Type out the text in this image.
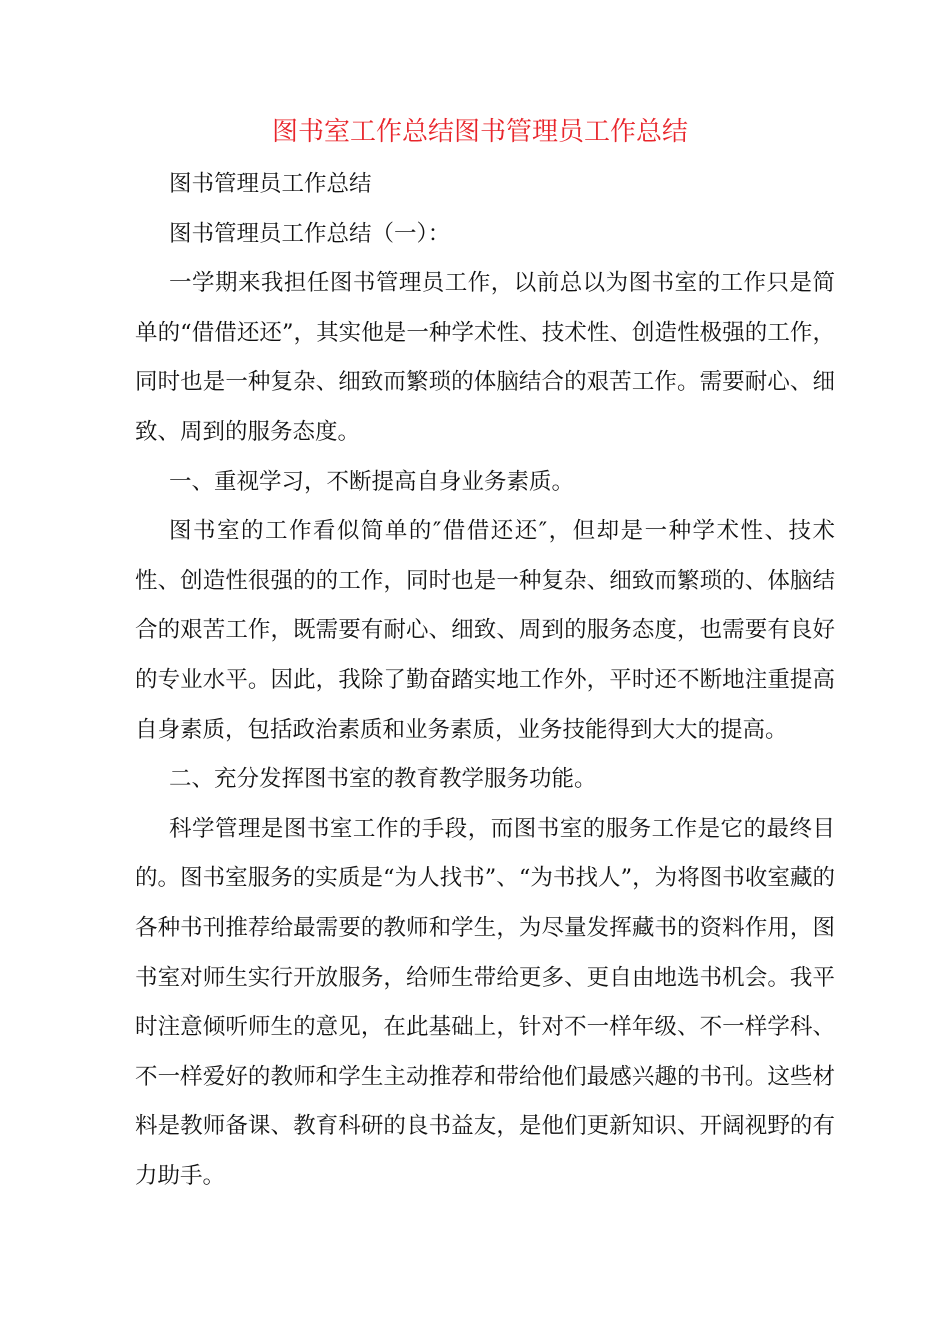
图书室工作总结图书管理员工作总结

图书管理员工作总结

图书管理员工作总结（一）：

一学期来我担任图书管理员工作，以前总以为图书室的工作只是简单的“借借还还”，其实他是一种学术性、技术性、创造性极强的工作，同时也是一种复杂、细致而繁琐的体脑结合的艰苦工作。需要耐心、细致、周到的服务态度。

一、重视学习，不断提高自身业务素质。

图书室的工作看似简单的″借借还还″，但却是一种学术性、技术性、创造性很强的的工作，同时也是一种复杂、细致而繁琐的、体脑结合的艰苦工作，既需要有耐心、细致、周到的服务态度，也需要有良好的专业水平。因此，我除了勤奋踏实地工作外，平时还不断地注重提高自身素质，包括政治素质和业务素质，业务技能得到大大的提高。

二、充分发挥图书室的教育教学服务功能。

科学管理是图书室工作的手段，而图书室的服务工作是它的最终目的。图书室服务的实质是“为人找书”、“为书找人”，为将图书收室藏的各种书刊推荐给最需要的教师和学生，为尽量发挥藏书的资料作用，图书室对师生实行开放服务，给师生带给更多、更自由地选书机会。我平时注意倾听师生的意见，在此基础上，针对不一样年级、不一样学科、不一样爱好的教师和学生主动推荐和带给他们最感兴趣的书刊。这些材料是教师备课、教育科研的良书益友，是他们更新知识、开阔视野的有力助手。
